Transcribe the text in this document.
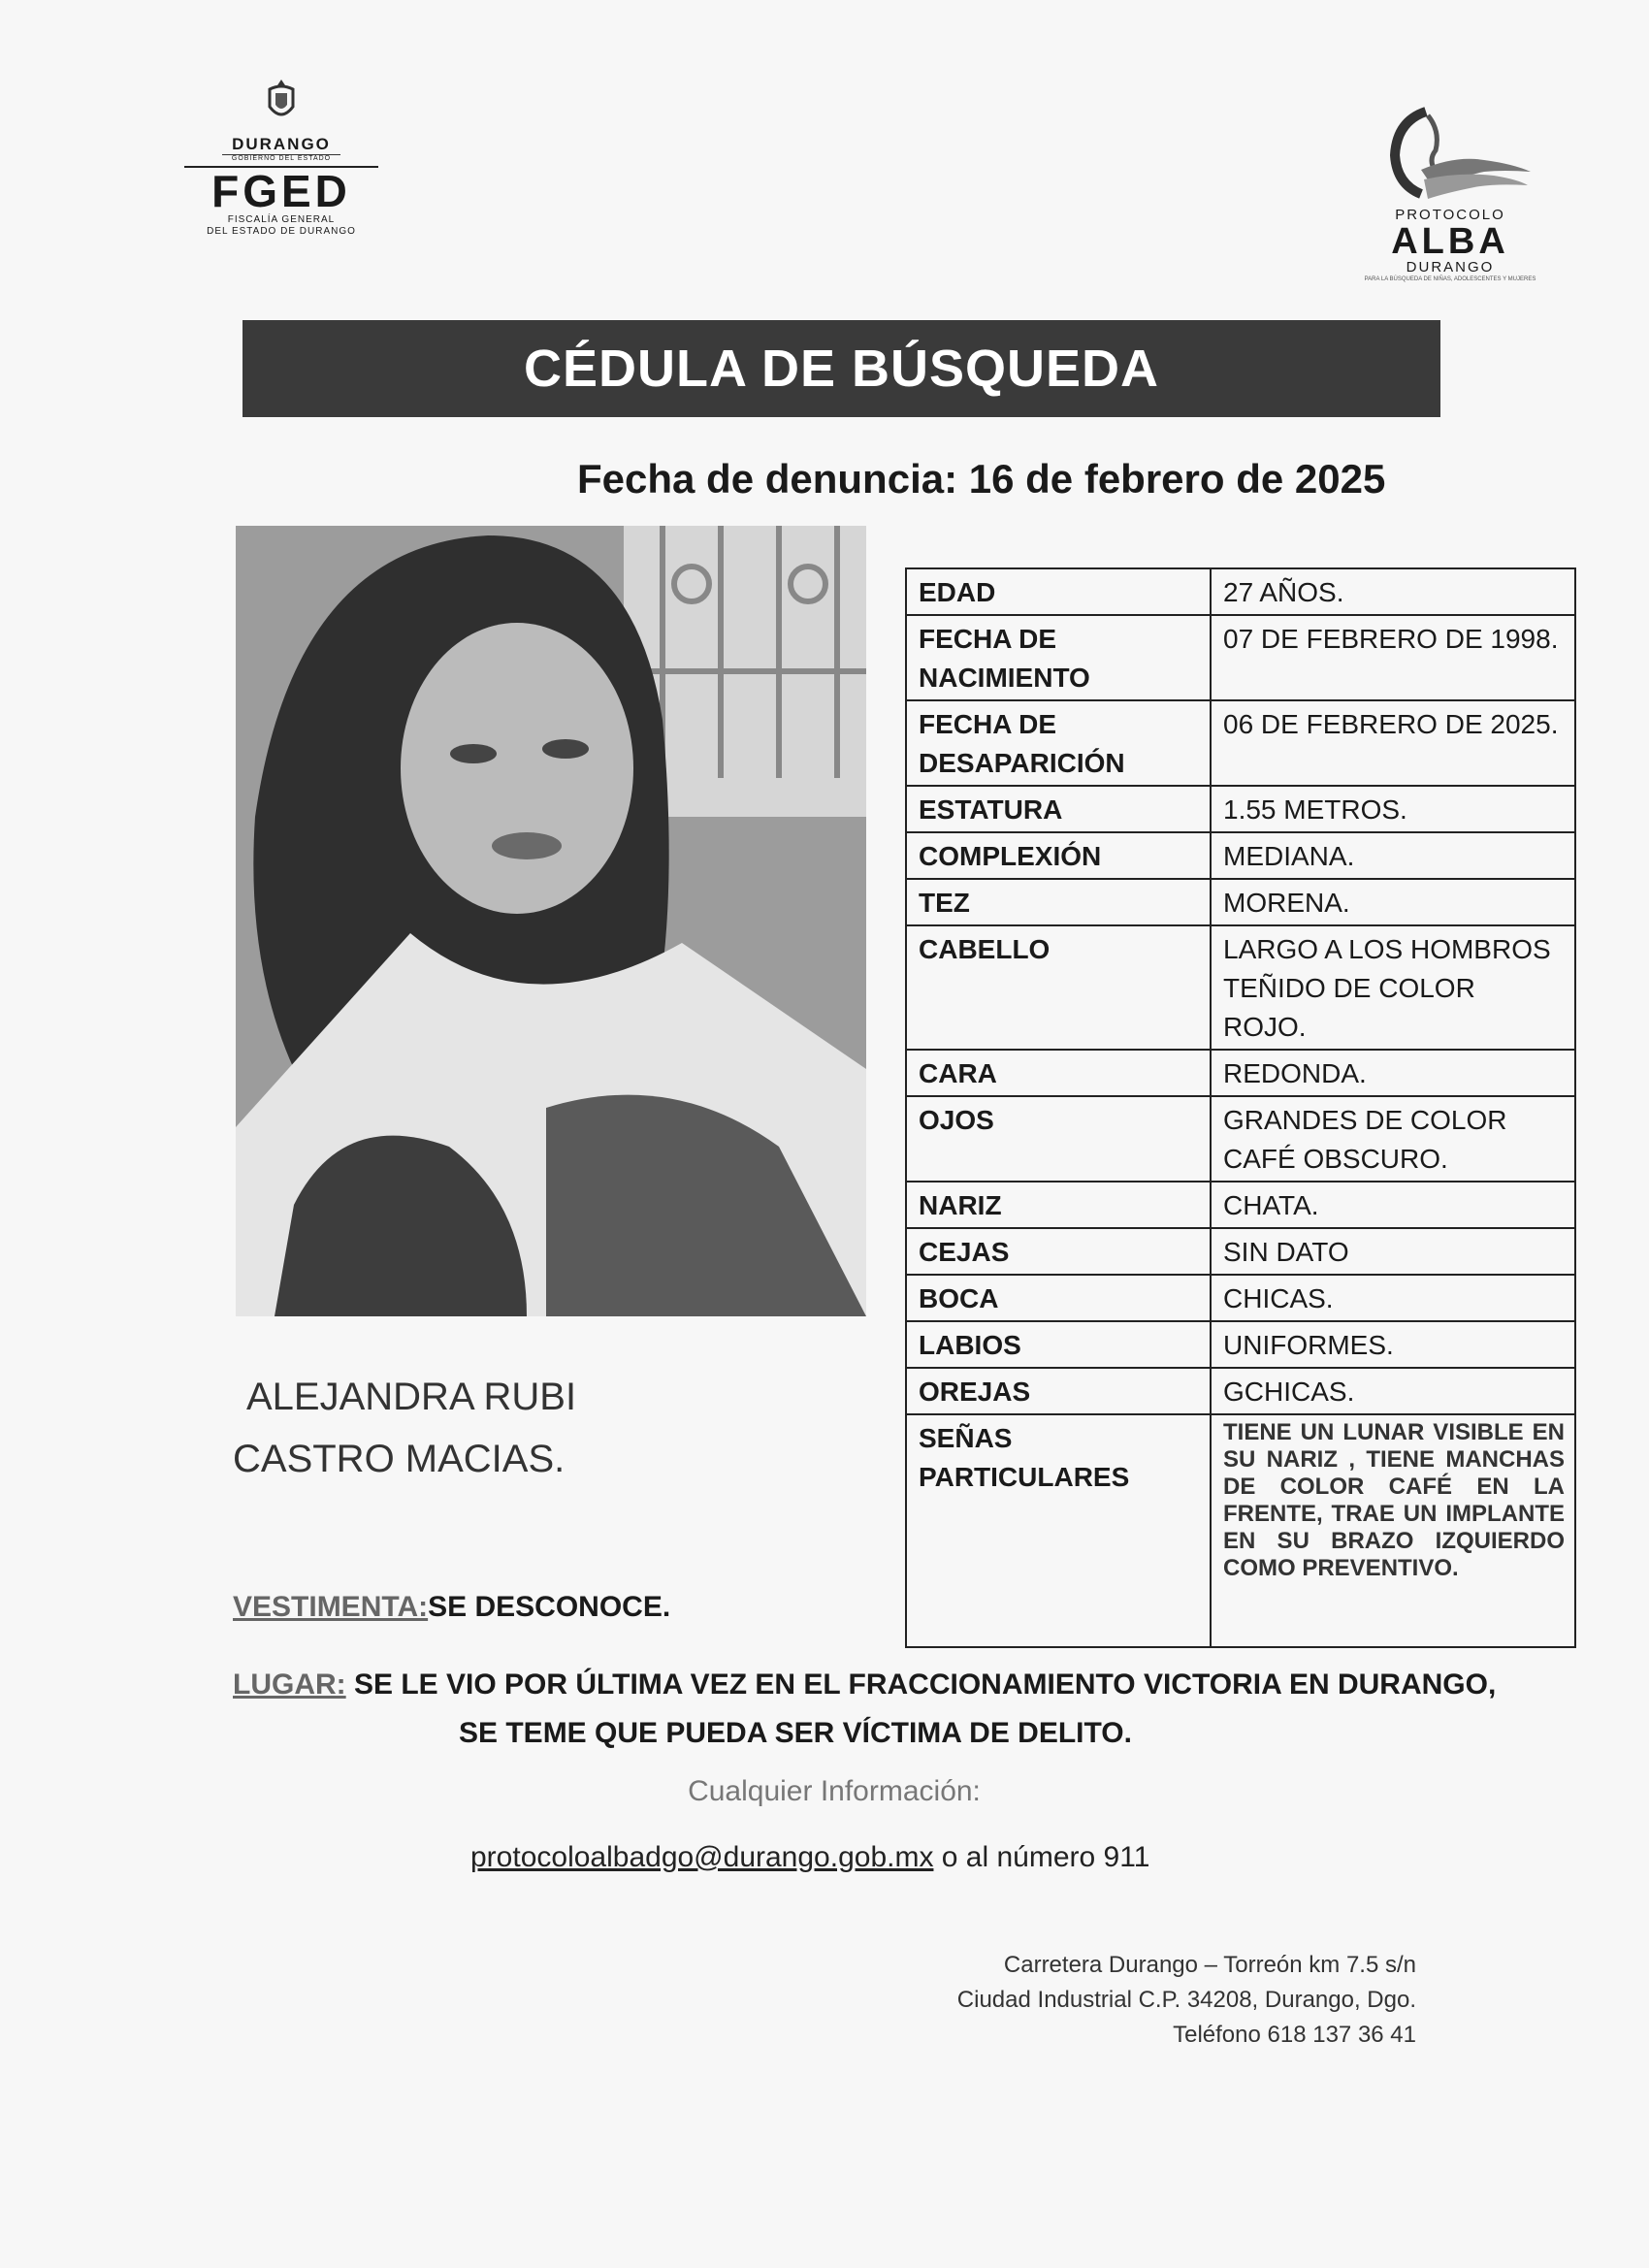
DURANGO
GOBIERNO DEL ESTADO
FGED
FISCALÍA GENERAL
DEL ESTADO DE DURANGO
PROTOCOLO
ALBA
DURANGO
PARA LA BÚSQUEDA DE NIÑAS, ADOLESCENTES Y MUJERES
CÉDULA DE BÚSQUEDA
Fecha de denuncia: 16 de febrero de 2025
EDAD	27 AÑOS.
FECHA DE NACIMIENTO	07 DE FEBRERO DE 1998.
FECHA DE DESAPARICIÓN	06 DE FEBRERO DE 2025.
ESTATURA	1.55 METROS.
COMPLEXIÓN	MEDIANA.
TEZ	MORENA.
CABELLO	LARGO A LOS HOMBROS TEÑIDO DE COLOR ROJO.
CARA	REDONDA.
OJOS	GRANDES DE COLOR CAFÉ OBSCURO.
NARIZ	CHATA.
CEJAS	SIN DATO
BOCA	CHICAS.
LABIOS	UNIFORMES.
OREJAS	GCHICAS.
SEÑAS PARTICULARES	TIENE UN LUNAR VISIBLE EN SU NARIZ , TIENE MANCHAS DE COLOR CAFÉ EN LA FRENTE, TRAE UN IMPLANTE EN SU BRAZO IZQUIERDO COMO PREVENTIVO.
ALEJANDRA RUBI
CASTRO MACIAS.
VESTIMENTA:SE DESCONOCE.
LUGAR: SE LE VIO POR ÚLTIMA VEZ EN EL FRACCIONAMIENTO VICTORIA EN DURANGO,
SE TEME QUE PUEDA SER VÍCTIMA DE DELITO.
Cualquier Información:
protocoloalbadgo@durango.gob.mx o al número 911
Carretera Durango – Torreón km 7.5 s/n
Ciudad Industrial C.P. 34208, Durango, Dgo.
Teléfono 618 137 36 41
